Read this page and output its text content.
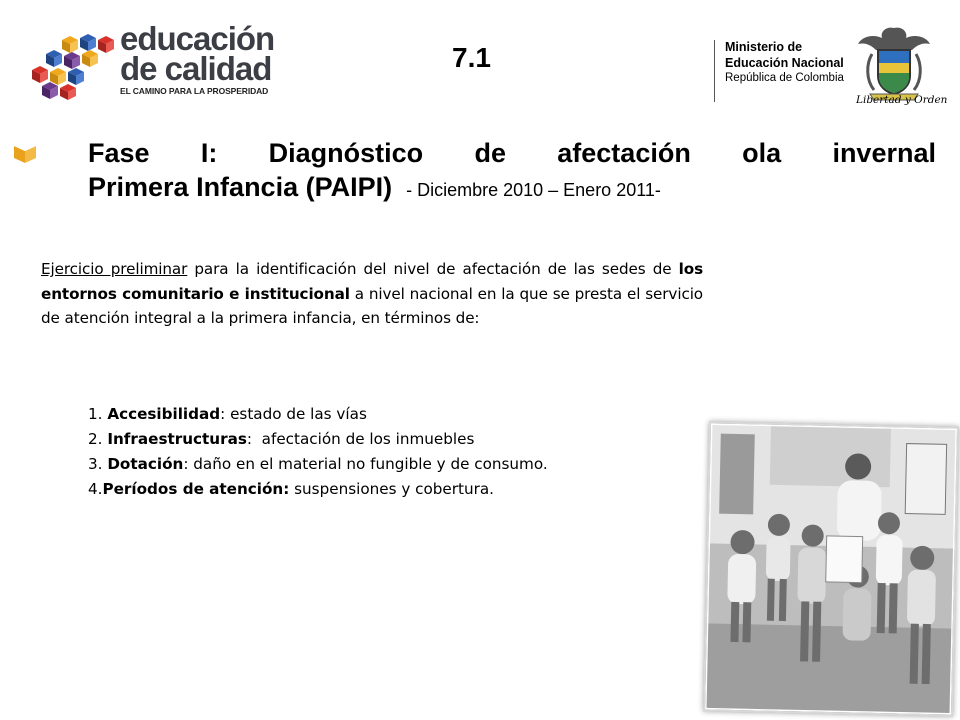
educación
de calidad
EL CAMINO PARA LA PROSPERIDAD
7.1	Ministerio de
Educación Nacional
República de Colombia
Libertad y Orden
Fase I: Diagnóstico de afectación ola invernal
Primera Infancia (PAIPI) - Diciembre 2010 – Enero 2011-
Ejercicio preliminar para la identificación del nivel de afectación de las sedes de los entornos comunitario e institucional a nivel nacional en la que se presta el servicio de atención integral a la primera infancia, en términos de:
1. Accesibilidad: estado de las vías
2. Infraestructuras:  afectación de los inmuebles
3. Dotación: daño en el material no fungible y de consumo.
4.Períodos de atención: suspensiones y cobertura.
